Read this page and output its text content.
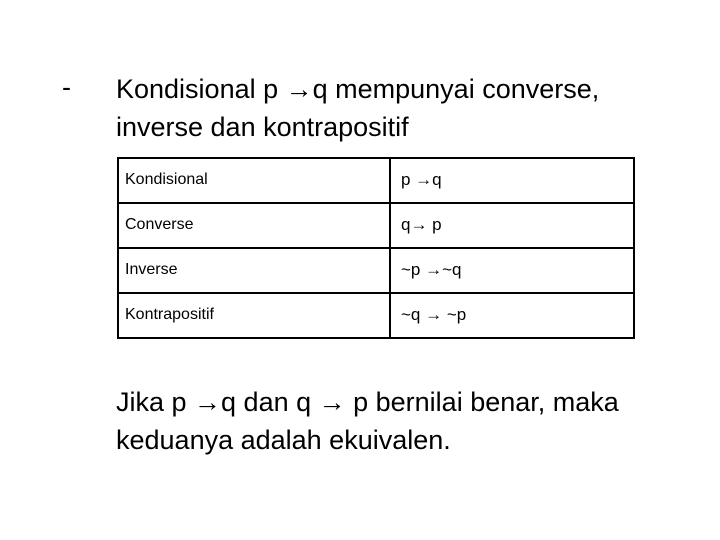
- Kondisional p →q mempunyai converse, inverse dan kontrapositif
Kondisional	p →q
Converse	q→ p
Inverse	~p →~q
Kontrapositif	~q → ~p
Jika p →q dan q → p bernilai benar, maka keduanya adalah ekuivalen.
